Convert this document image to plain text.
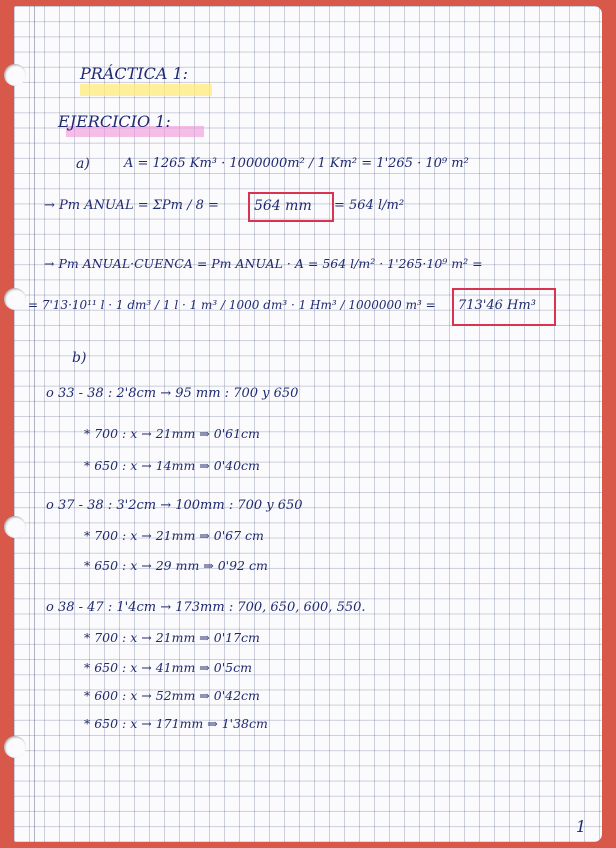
PRÁCTICA 1:
EJERCICIO 1:
a)	A = 1265 Km³ · 1000000m² / 1 Km² = 1'265 · 10⁹ m²
→ Pm ANUAL = ΣPm / 8 =	564 mm = 564 l/m²
→ Pm ANUAL·CUENCA = Pm ANUAL · A = 564 l/m² · 1'265·10⁹ m² =
= 7'13·10¹¹ l · 1 dm³ / 1 l · 1 m³ / 1000 dm³ · 1 Hm³ / 1000000 m³ = 713'46 Hm³
b)
o 33 - 38 : 2'8cm → 95 mm : 700 y 650
* 700 : x → 21mm ⇒ 0'61cm
* 650 : x → 14mm ⇒ 0'40cm
o 37 - 38 : 3'2cm → 100mm : 700 y 650
* 700 : x → 21mm ⇒ 0'67 cm
* 650 : x → 29 mm ⇒ 0'92 cm
o 38 - 47 : 1'4cm → 173mm : 700, 650, 600, 550.
* 700 : x → 21mm ⇒ 0'17cm
* 650 : x → 41mm ⇒ 0'5cm
* 600 : x → 52mm ⇒ 0'42cm
* 650 : x → 171mm ⇒ 1'38cm
1
